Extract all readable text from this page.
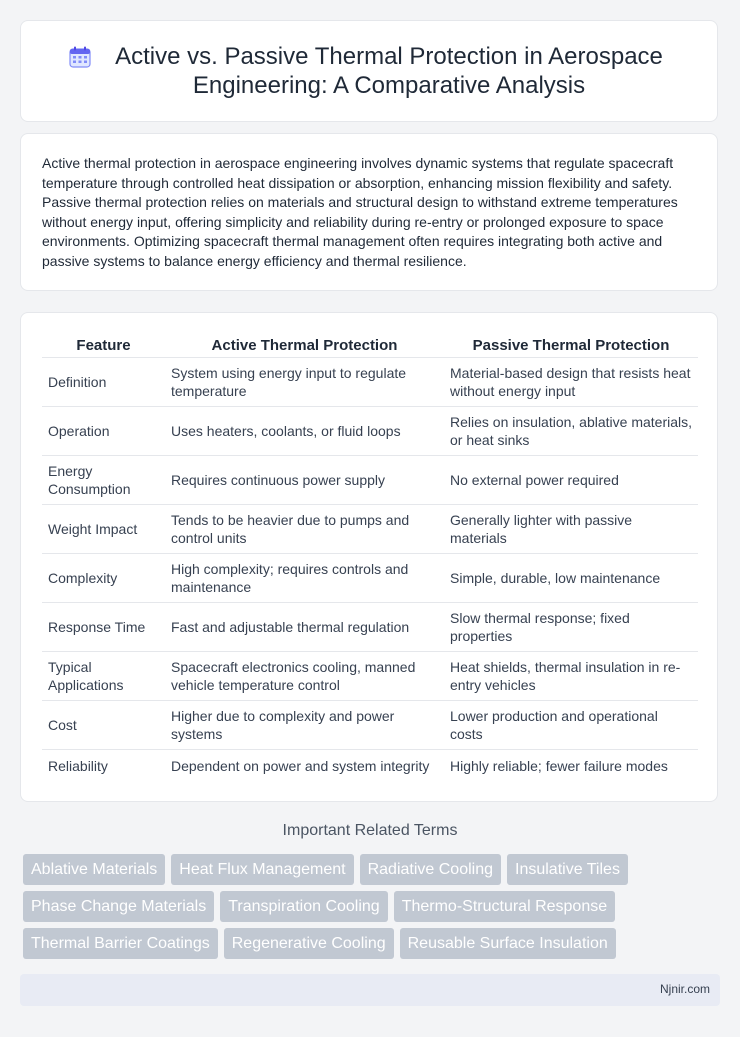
Active vs. Passive Thermal Protection in Aerospace Engineering: A Comparative Analysis

Active thermal protection in aerospace engineering involves dynamic systems that regulate spacecraft temperature through controlled heat dissipation or absorption, enhancing mission flexibility and safety. Passive thermal protection relies on materials and structural design to withstand extreme temperatures without energy input, offering simplicity and reliability during re-entry or prolonged exposure to space environments. Optimizing spacecraft thermal management often requires integrating both active and passive systems to balance energy efficiency and thermal resilience.

Feature	Active Thermal Protection	Passive Thermal Protection
Definition	System using energy input to regulate temperature	Material-based design that resists heat without energy input
Operation	Uses heaters, coolants, or fluid loops	Relies on insulation, ablative materials, or heat sinks
Energy Consumption	Requires continuous power supply	No external power required
Weight Impact	Tends to be heavier due to pumps and control units	Generally lighter with passive materials
Complexity	High complexity; requires controls and maintenance	Simple, durable, low maintenance
Response Time	Fast and adjustable thermal regulation	Slow thermal response; fixed properties
Typical Applications	Spacecraft electronics cooling, manned vehicle temperature control	Heat shields, thermal insulation in re-entry vehicles
Cost	Higher due to complexity and power systems	Lower production and operational costs
Reliability	Dependent on power and system integrity	Highly reliable; fewer failure modes
Important Related Terms
Ablative Materials	Heat Flux Management	Radiative Cooling	Insulative Tiles
Phase Change Materials	Transpiration Cooling	Thermo-Structural Response
Thermal Barrier Coatings	Regenerative Cooling	Reusable Surface Insulation
Njnir.com
